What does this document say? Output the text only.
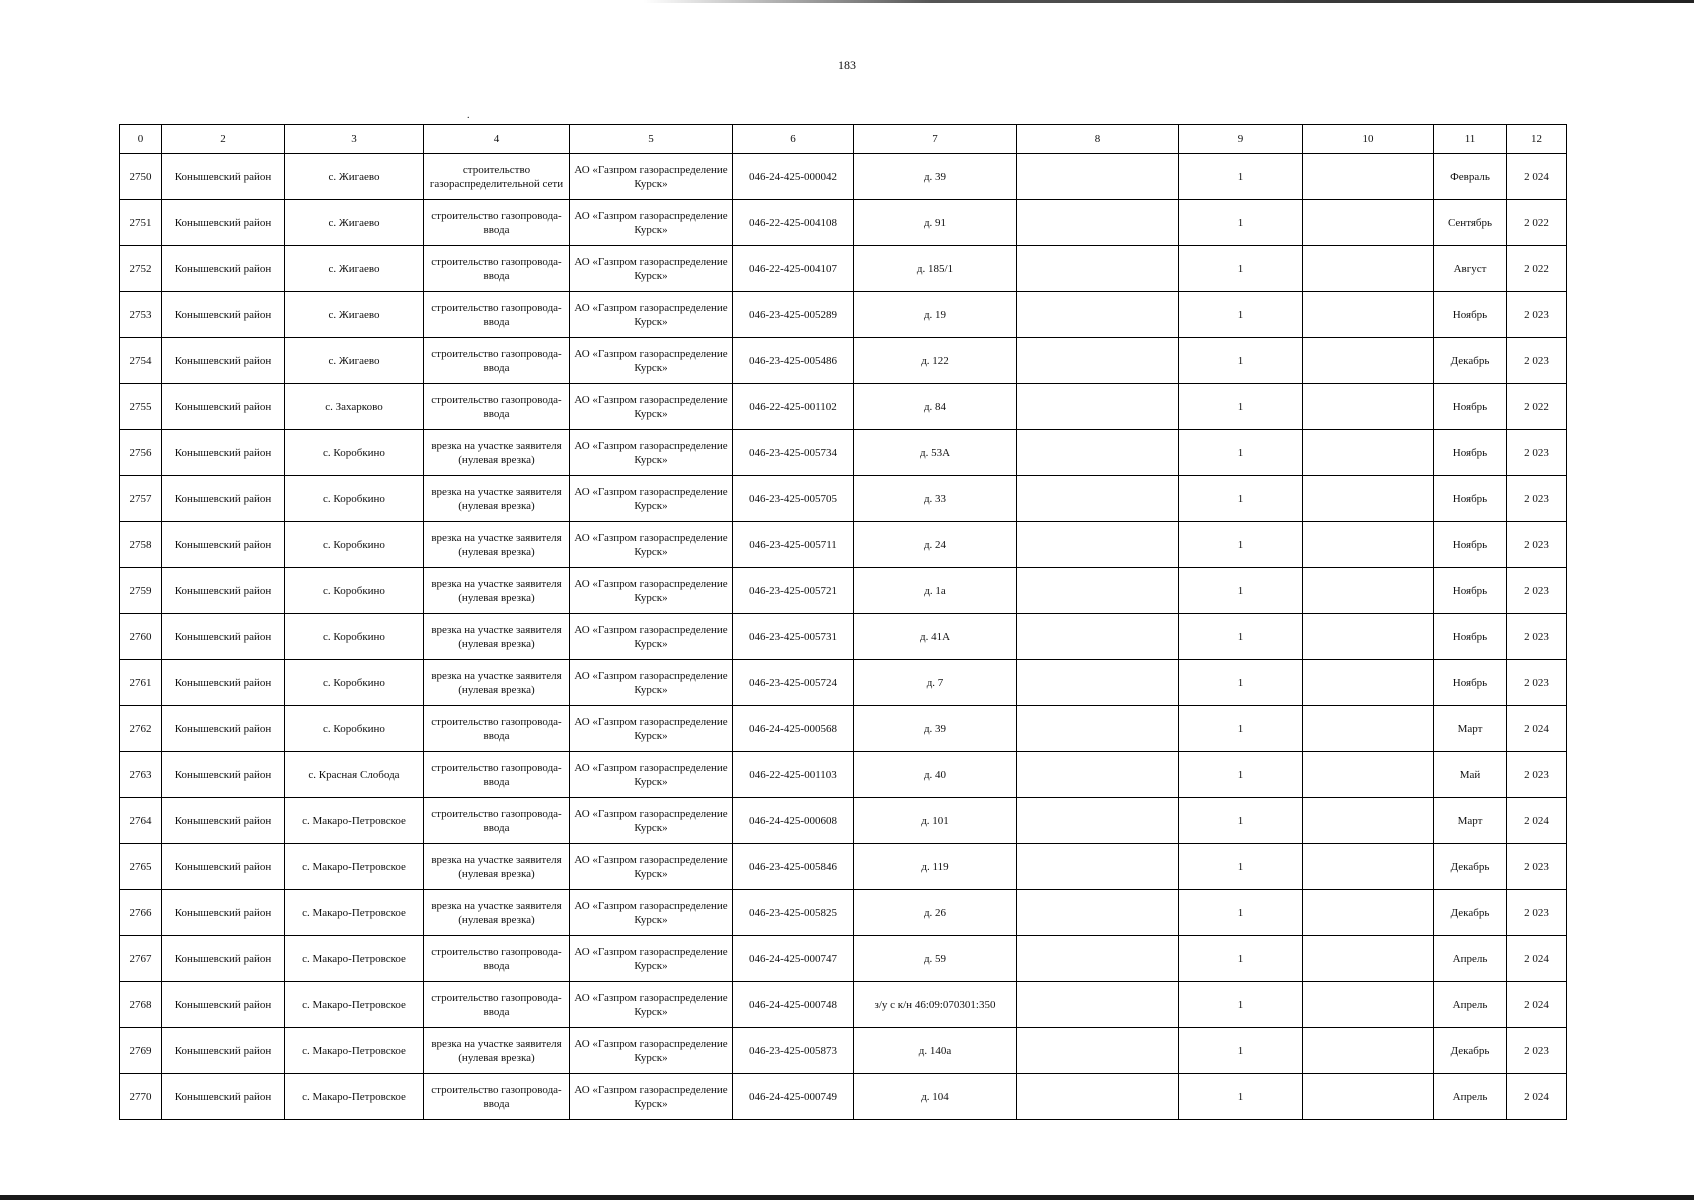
183
.
0	2	3	4	5	6	7	8	9	10	11	12
2750	Конышевский район	с. Жигаево	строительство газораспределительной сети	АО «Газпром газораспределение Курск»	046-24-425-000042	д. 39		1		Февраль	2 024
2751	Конышевский район	с. Жигаево	строительство газопровода-ввода	АО «Газпром газораспределение Курск»	046-22-425-004108	д. 91		1		Сентябрь	2 022
2752	Конышевский район	с. Жигаево	строительство газопровода-ввода	АО «Газпром газораспределение Курск»	046-22-425-004107	д. 185/1		1		Август	2 022
2753	Конышевский район	с. Жигаево	строительство газопровода-ввода	АО «Газпром газораспределение Курск»	046-23-425-005289	д. 19		1		Ноябрь	2 023
2754	Конышевский район	с. Жигаево	строительство газопровода-ввода	АО «Газпром газораспределение Курск»	046-23-425-005486	д. 122		1		Декабрь	2 023
2755	Конышевский район	с. Захарково	строительство газопровода-ввода	АО «Газпром газораспределение Курск»	046-22-425-001102	д. 84		1		Ноябрь	2 022
2756	Конышевский район	с. Коробкино	врезка на участке заявителя (нулевая врезка)	АО «Газпром газораспределение Курск»	046-23-425-005734	д. 53А		1		Ноябрь	2 023
2757	Конышевский район	с. Коробкино	врезка на участке заявителя (нулевая врезка)	АО «Газпром газораспределение Курск»	046-23-425-005705	д. 33		1		Ноябрь	2 023
2758	Конышевский район	с. Коробкино	врезка на участке заявителя (нулевая врезка)	АО «Газпром газораспределение Курск»	046-23-425-005711	д. 24		1		Ноябрь	2 023
2759	Конышевский район	с. Коробкино	врезка на участке заявителя (нулевая врезка)	АО «Газпром газораспределение Курск»	046-23-425-005721	д. 1а		1		Ноябрь	2 023
2760	Конышевский район	с. Коробкино	врезка на участке заявителя (нулевая врезка)	АО «Газпром газораспределение Курск»	046-23-425-005731	д. 41А		1		Ноябрь	2 023
2761	Конышевский район	с. Коробкино	врезка на участке заявителя (нулевая врезка)	АО «Газпром газораспределение Курск»	046-23-425-005724	д. 7		1		Ноябрь	2 023
2762	Конышевский район	с. Коробкино	строительство газопровода-ввода	АО «Газпром газораспределение Курск»	046-24-425-000568	д. 39		1		Март	2 024
2763	Конышевский район	с. Красная Слобода	строительство газопровода-ввода	АО «Газпром газораспределение Курск»	046-22-425-001103	д. 40		1		Май	2 023
2764	Конышевский район	с. Макаро-Петровское	строительство газопровода-ввода	АО «Газпром газораспределение Курск»	046-24-425-000608	д. 101		1		Март	2 024
2765	Конышевский район	с. Макаро-Петровское	врезка на участке заявителя (нулевая врезка)	АО «Газпром газораспределение Курск»	046-23-425-005846	д. 119		1		Декабрь	2 023
2766	Конышевский район	с. Макаро-Петровское	врезка на участке заявителя (нулевая врезка)	АО «Газпром газораспределение Курск»	046-23-425-005825	д. 26		1		Декабрь	2 023
2767	Конышевский район	с. Макаро-Петровское	строительство газопровода-ввода	АО «Газпром газораспределение Курск»	046-24-425-000747	д. 59		1		Апрель	2 024
2768	Конышевский район	с. Макаро-Петровское	строительство газопровода-ввода	АО «Газпром газораспределение Курск»	046-24-425-000748	з/у с к/н 46:09:070301:350		1		Апрель	2 024
2769	Конышевский район	с. Макаро-Петровское	врезка на участке заявителя (нулевая врезка)	АО «Газпром газораспределение Курск»	046-23-425-005873	д. 140а		1		Декабрь	2 023
2770	Конышевский район	с. Макаро-Петровское	строительство газопровода-ввода	АО «Газпром газораспределение Курск»	046-24-425-000749	д. 104		1		Апрель	2 024
